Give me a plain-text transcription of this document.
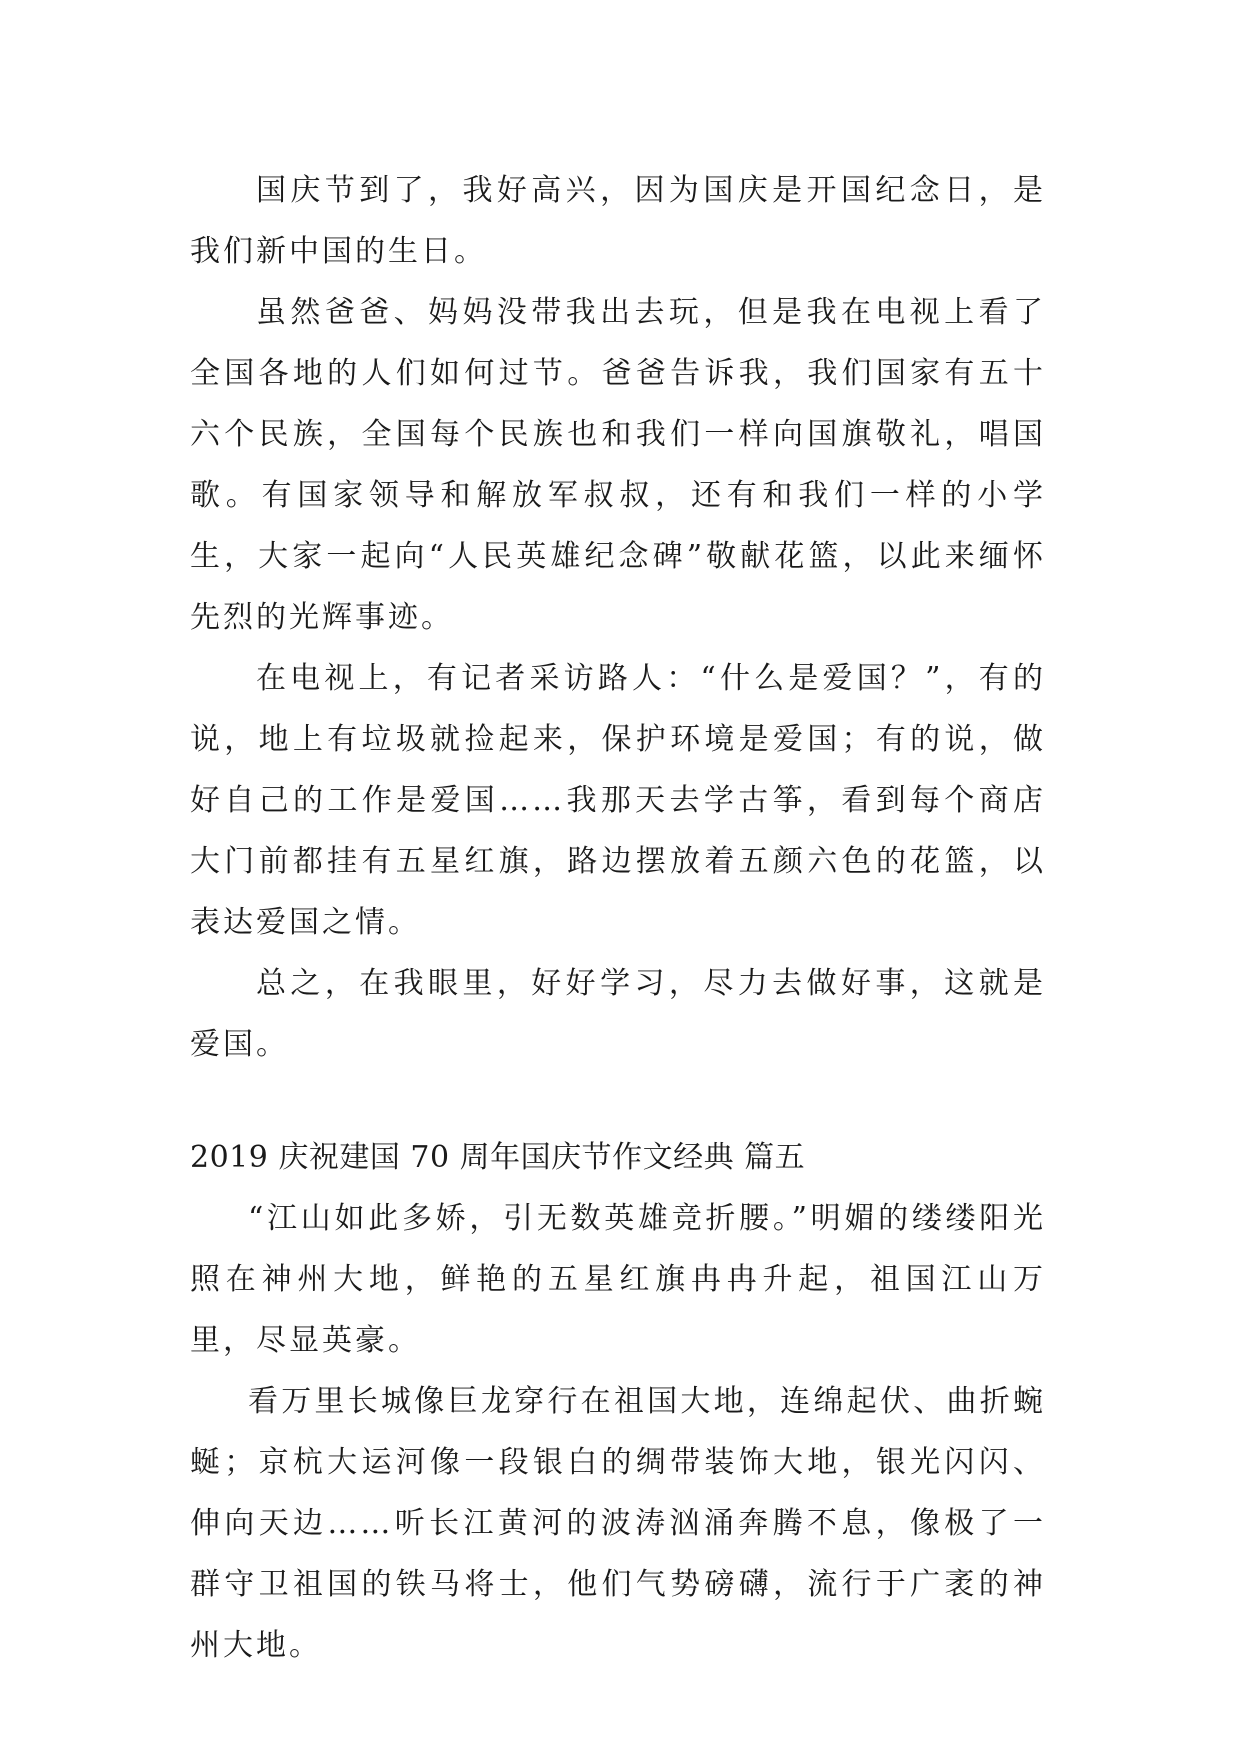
国庆节到了，我好高兴，因为国庆是开国纪念日，是我们新中国的生日。

虽然爸爸、妈妈没带我出去玩，但是我在电视上看了全国各地的人们如何过节。爸爸告诉我，我们国家有五十六个民族，全国每个民族也和我们一样向国旗敬礼，唱国歌。有国家领导和解放军叔叔，还有和我们一样的小学生，大家一起向“人民英雄纪念碑”敬献花篮，以此来缅怀先烈的光辉事迹。

在电视上，有记者采访路人：“什么是爱国？”，有的说，地上有垃圾就捡起来，保护环境是爱国；有的说，做好自己的工作是爱国……我那天去学古筝，看到每个商店大门前都挂有五星红旗，路边摆放着五颜六色的花篮，以表达爱国之情。

总之，在我眼里，好好学习，尽力去做好事，这就是爱国。

2019 庆祝建国 70 周年国庆节作文经典 篇五

“江山如此多娇，引无数英雄竞折腰。”明媚的缕缕阳光照在神州大地，鲜艳的五星红旗冉冉升起，祖国江山万里，尽显英豪。

看万里长城像巨龙穿行在祖国大地，连绵起伏、曲折蜿蜒；京杭大运河像一段银白的绸带装饰大地，银光闪闪、伸向天边……听长江黄河的波涛汹涌奔腾不息，像极了一群守卫祖国的铁马将士，他们气势磅礴，流行于广袤的神州大地。
